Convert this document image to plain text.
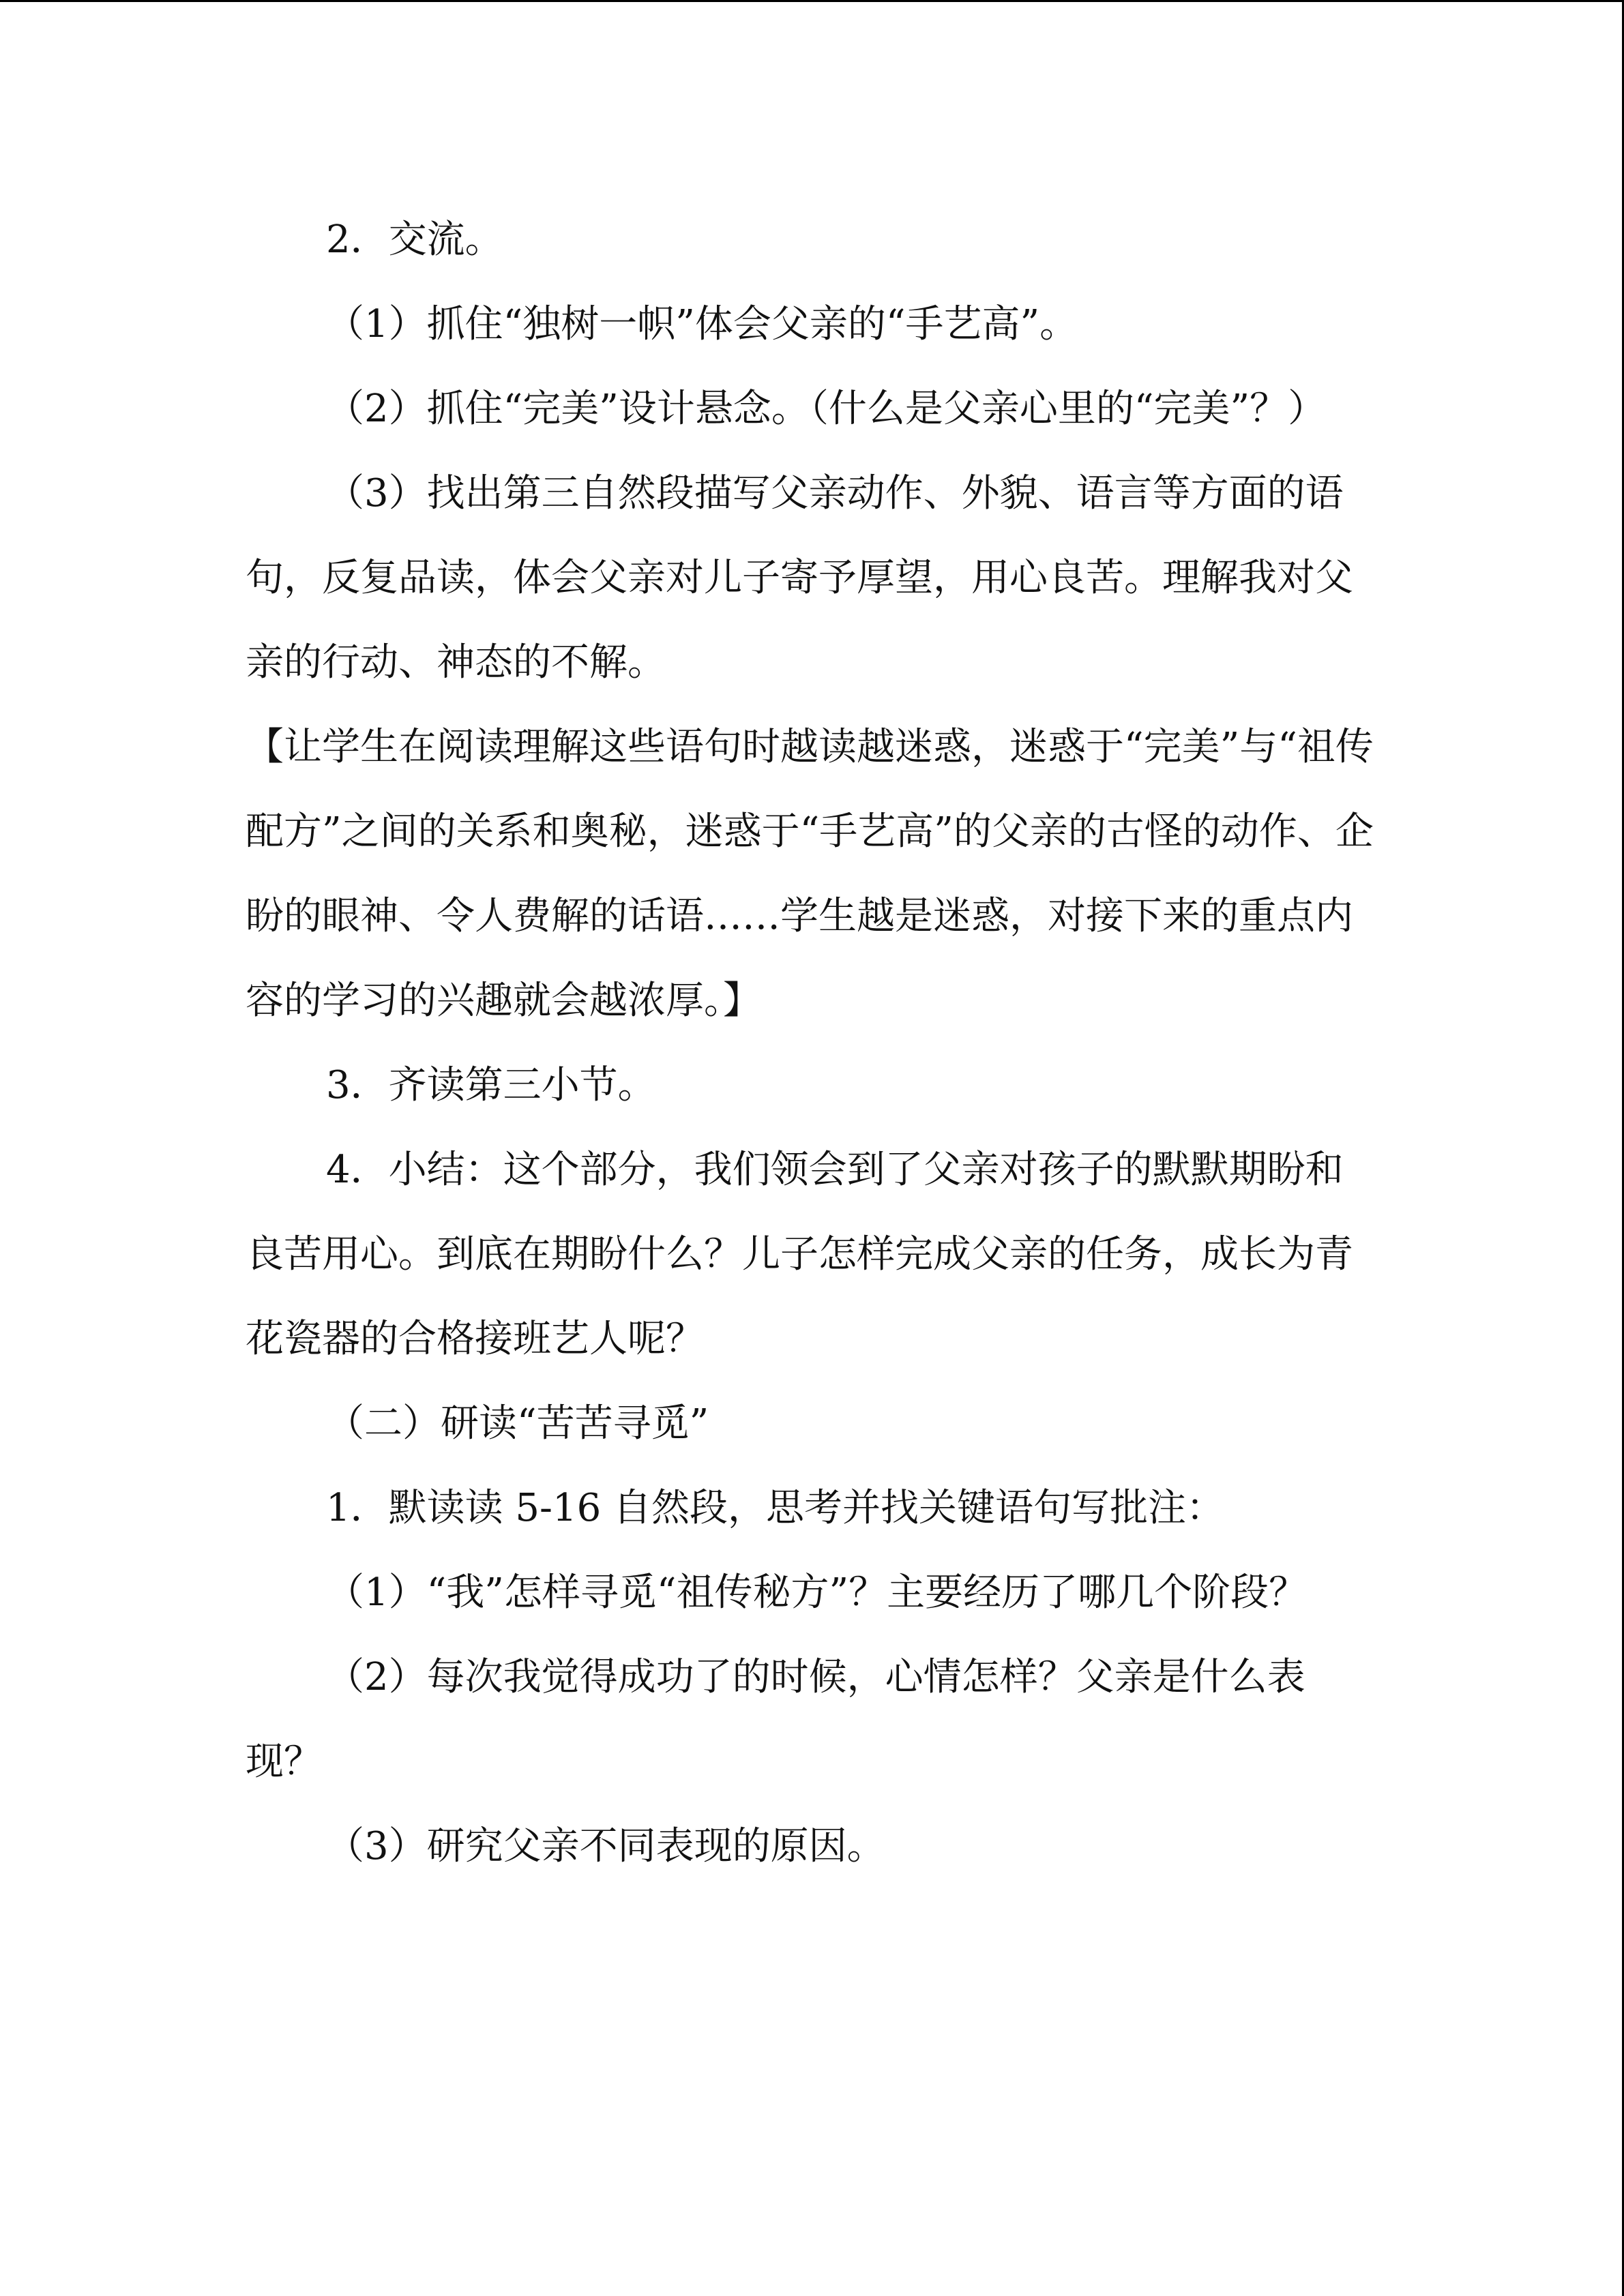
2．交流。

（1）抓住“独树一帜”体会父亲的“手艺高”。

（2）抓住“完美”设计悬念。（什么是父亲心里的“完美”？）

（3）找出第三自然段描写父亲动作、外貌、语言等方面的语句，反复品读，体会父亲对儿子寄予厚望，用心良苦。理解我对父亲的行动、神态的不解。

【让学生在阅读理解这些语句时越读越迷惑，迷惑于“完美”与“祖传配方”之间的关系和奥秘，迷惑于“手艺高”的父亲的古怪的动作、企盼的眼神、令人费解的话语……学生越是迷惑，对接下来的重点内容的学习的兴趣就会越浓厚。】

3．齐读第三小节。

4．小结：这个部分，我们领会到了父亲对孩子的默默期盼和良苦用心。到底在期盼什么？儿子怎样完成父亲的任务，成长为青花瓷器的合格接班艺人呢？

（二）研读“苦苦寻觅”

1．默读读 5-16 自然段，思考并找关键语句写批注：

（1）“我”怎样寻觅“祖传秘方”？主要经历了哪几个阶段？

（2）每次我觉得成功了的时候，心情怎样？父亲是什么表现？

（3）研究父亲不同表现的原因。
